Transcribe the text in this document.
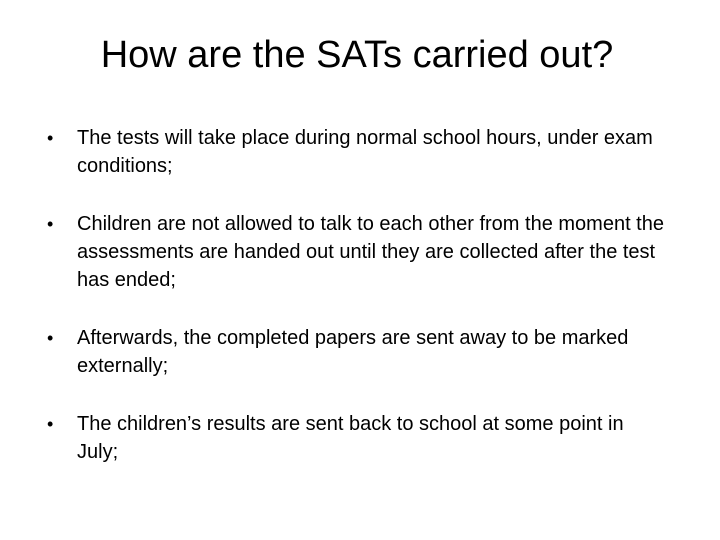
How are the SATs carried out?
•	The tests will take place during normal school hours, under exam conditions;
•	Children are not allowed to talk to each other from the moment the assessments are handed out until they are collected after the test has ended;
•	Afterwards, the completed papers are sent away to be marked externally;
•	The children’s results are sent back to school at some point in July;
